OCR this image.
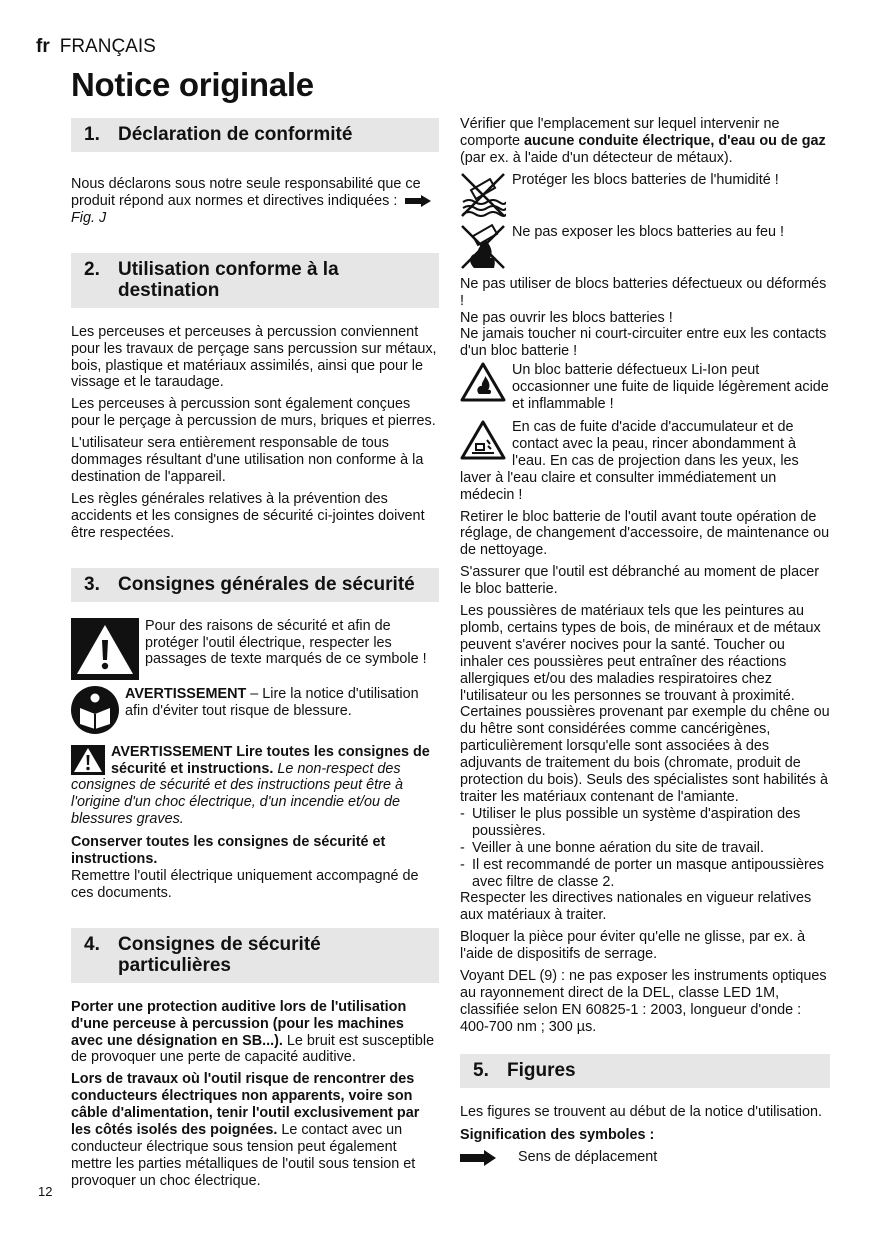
fr FRANÇAIS
Notice originale
1. Déclaration de conformité

Nous déclarons sous notre seule responsabilité que ce produit répond aux normes et directives indiquées :  Fig. J

2. Utilisation conforme à la destination

Les perceuses et perceuses à percussion conviennent pour les travaux de perçage sans percussion sur métaux, bois, plastique et matériaux assimilés, ainsi que pour le vissage et le taraudage.

Les perceuses à percussion sont également conçues pour le perçage à percussion de murs, briques et pierres.

L'utilisateur sera entièrement responsable de tous dommages résultant d'une utilisation non conforme à la destination de l'appareil.

Les règles générales relatives à la prévention des accidents et les consignes de sécurité ci-jointes doivent être respectées.

3. Consignes générales de sécurité
Pour des raisons de sécurité et afin de protéger l'outil électrique, respecter les passages de texte marqués de ce symbole !
AVERTISSEMENT – Lire la notice d'utilisation afin d'éviter tout risque de blessure.

AVERTISSEMENT Lire toutes les consignes de sécurité et instructions. Le non-respect des consignes de sécurité et des instructions peut être à l'origine d'un choc électrique, d'un incendie et/ou de blessures graves.

Conserver toutes les consignes de sécurité et instructions.
Remettre l'outil électrique uniquement accompagné de ces documents.

4. Consignes de sécurité particulières

Porter une protection auditive lors de l'utilisation d'une perceuse à percussion (pour les machines avec une désignation en SB...). Le bruit est susceptible de provoquer une perte de capacité auditive.

Lors de travaux où l'outil risque de rencontrer des conducteurs électriques non apparents, voire son câble d'alimentation, tenir l'outil exclusivement par les côtés isolés des poignées. Le contact avec un conducteur électrique sous tension peut également mettre les parties métalliques de l'outil sous tension et provoquer un choc électrique.

Vérifier que l'emplacement sur lequel intervenir ne comporte aucune conduite électrique, d'eau ou de gaz (par ex. à l'aide d'un détecteur de métaux).

Protéger les blocs batteries de l'humidité !
Ne pas exposer les blocs batteries au feu !

Ne pas utiliser de blocs batteries défectueux ou déformés !
Ne pas ouvrir les blocs batteries !
Ne jamais toucher ni court-circuiter entre eux les contacts d'un bloc batterie !

Un bloc batterie défectueux Li-Ion peut occasionner une fuite de liquide légèrement acide et inflammable !

En cas de fuite d'acide d'accumulateur et de contact avec la peau, rincer abondamment à l'eau. En cas de projection dans les yeux, les laver à l'eau claire et consulter immédiatement un médecin !

Retirer le bloc batterie de l'outil avant toute opération de réglage, de changement d'accessoire, de maintenance ou de nettoyage.

S'assurer que l'outil est débranché au moment de placer le bloc batterie.

Les poussières de matériaux tels que les peintures au plomb, certains types de bois, de minéraux et de métaux peuvent s'avérer nocives pour la santé. Toucher ou inhaler ces poussières peut entraîner des réactions allergiques et/ou des maladies respiratoires chez l'utilisateur ou les personnes se trouvant à proximité.
Certaines poussières provenant par exemple du chêne ou du hêtre sont considérées comme cancérigènes, particulièrement lorsqu'elle sont associées à des adjuvants de traitement du bois (chromate, produit de protection du bois). Seuls des spécialistes sont habilités à traiter les matériaux contenant de l'amiante.

- Utiliser le plus possible un système d'aspiration des poussières.
- Veiller à une bonne aération du site de travail.
- Il est recommandé de porter un masque antipoussières avec filtre de classe 2.

Respecter les directives nationales en vigueur relatives aux matériaux à traiter.

Bloquer la pièce pour éviter qu'elle ne glisse, par ex. à l'aide de dispositifs de serrage.

Voyant DEL (9) : ne pas exposer les instruments optiques au rayonnement direct de la DEL, classe LED 1M, classifiée selon EN 60825-1 : 2003, longueur d'onde : 400-700 nm ; 300 µs.

5. Figures

Les figures se trouvent au début de la notice d'utilisation.

Signification des symboles :

Sens de déplacement
12
